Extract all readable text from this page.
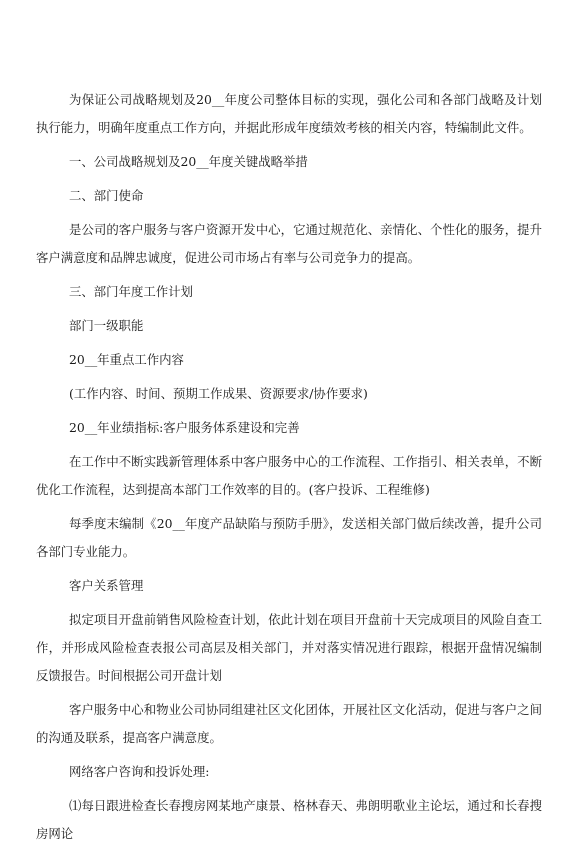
为保证公司战略规划及20__年度公司整体目标的实现，强化公司和各部门战略及计划执行能力，明确年度重点工作方向，并据此形成年度绩效考核的相关内容，特编制此文件。

一、公司战略规划及20__年度关键战略举措

二、部门使命

是公司的客户服务与客户资源开发中心，它通过规范化、亲情化、个性化的服务，提升客户满意度和品牌忠诚度，促进公司市场占有率与公司竞争力的提高。

三、部门年度工作计划

部门一级职能

20__年重点工作内容

(工作内容、时间、预期工作成果、资源要求/协作要求)

20__年业绩指标:客户服务体系建设和完善

在工作中不断实践新管理体系中客户服务中心的工作流程、工作指引、相关表单，不断优化工作流程，达到提高本部门工作效率的目的。(客户投诉、工程维修)

每季度末编制《20__年度产品缺陷与预防手册》，发送相关部门做后续改善，提升公司各部门专业能力。

客户关系管理

拟定项目开盘前销售风险检查计划，依此计划在项目开盘前十天完成项目的风险自查工作，并形成风险检查表报公司高层及相关部门，并对落实情况进行跟踪，根据开盘情况编制反馈报告。时间根据公司开盘计划

客户服务中心和物业公司协同组建社区文化团体，开展社区文化活动，促进与客户之间的沟通及联系，提高客户满意度。

网络客户咨询和投诉处理:

⑴每日跟进检查长春搜房网某地产康景、格林春天、弗朗明歌业主论坛，通过和长春搜房网论
